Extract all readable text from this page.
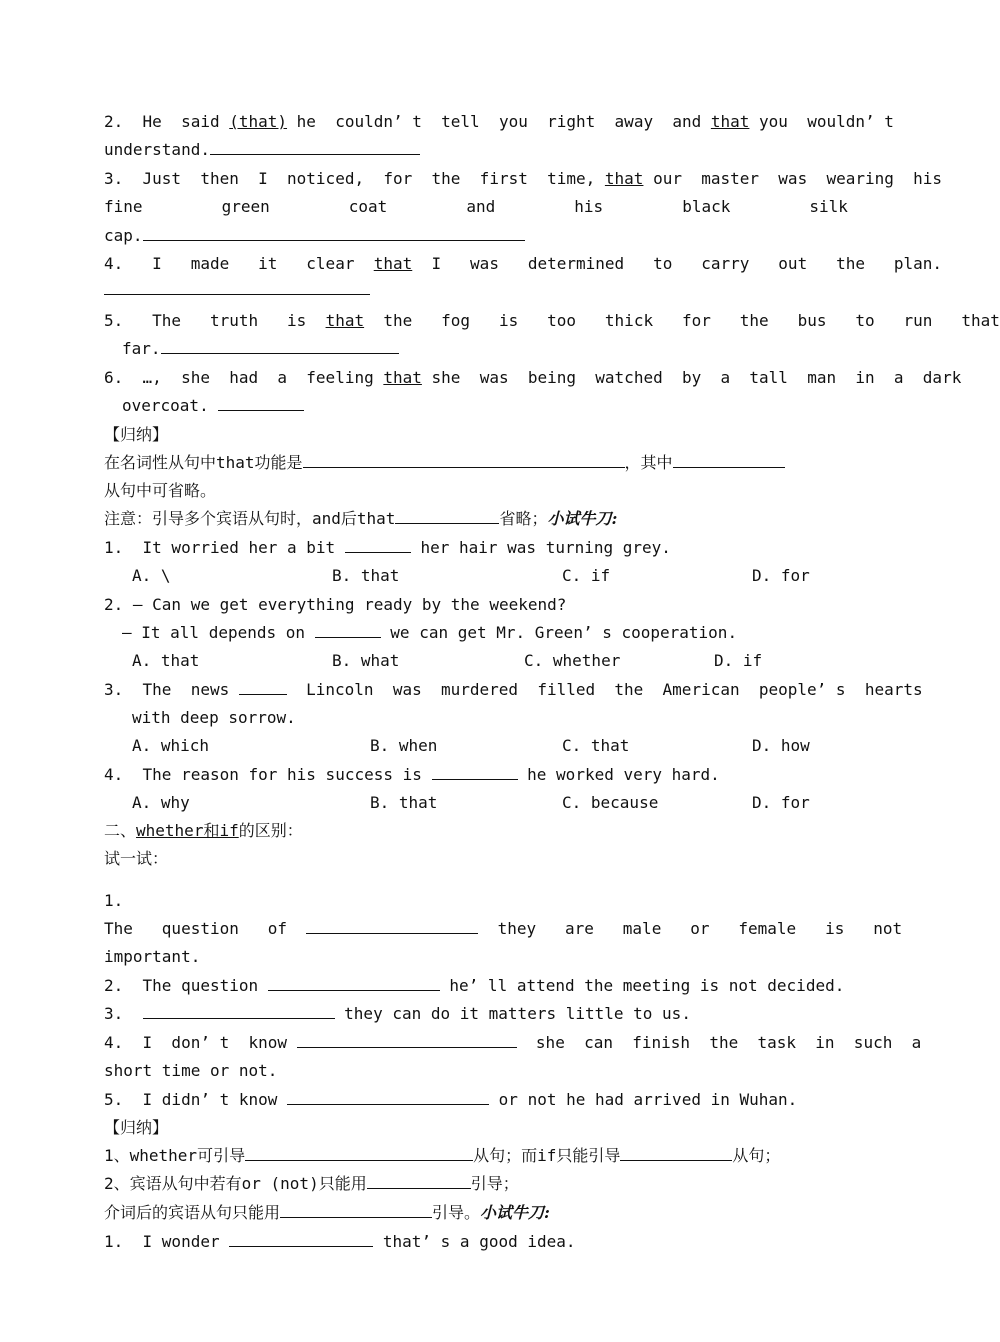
2.  He  said (that) he  couldn’ t  tell  you  right  away  and that you  wouldn’ t
understand.
3.  Just  then  I  noticed,  for  the  first  time, that our  master  was  wearing  his
fine	green	coat	and	his	black	silk
cap.
4.   I   made   it   clear  that  I   was   determined   to   carry   out   the   plan.
5.   The   truth   is  that  the   fog   is   too   thick   for   the   bus   to   run   that
far.
6.  …,  she  had  a  feeling that she  was  being  watched  by  a  tall  man  in  a  dark
overcoat.
【归纳】
在名词性从句中that功能是	，其中
从句中可省略。
注意：引导多个宾语从句时，and后that	省略；小试牛刀:
1.  It worried her a bit	her hair was turning grey.

A. \

	B. that

	C. if

	D. for

2. — Can we get everything ready by the weekend?
— It all depends on	we can get Mr. Green’ s cooperation.

A. that

	B. what

	C. whether

	D. if

3.  The  news	Lincoln  was  murdered  filled  the  American  people’ s  hearts
with deep sorrow.

A. which

	B. when

	C. that

	D. how

4.  The reason for his success is	he worked very hard.

A. why

	B. that

	C. because

	D. for

二、whether和if的区别：
试一试：
1.
The   question   of	they   are   male   or   female   is   not
important.
2.  The question	he’ ll attend the meeting is not decided.
3.	they can do it matters little to us.
4.  I  don’ t  know	she  can  finish  the  task  in  such  a
short time or not.
5.  I didn’ t know	or not he had arrived in Wuhan.
【归纳】
1、whether可引导	从句；而if只能引导	从句；
2、宾语从句中若有or (not)只能用	引导；
介词后的宾语从句只能用	引导。小试牛刀:
1.  I wonder	that’ s a good idea.
